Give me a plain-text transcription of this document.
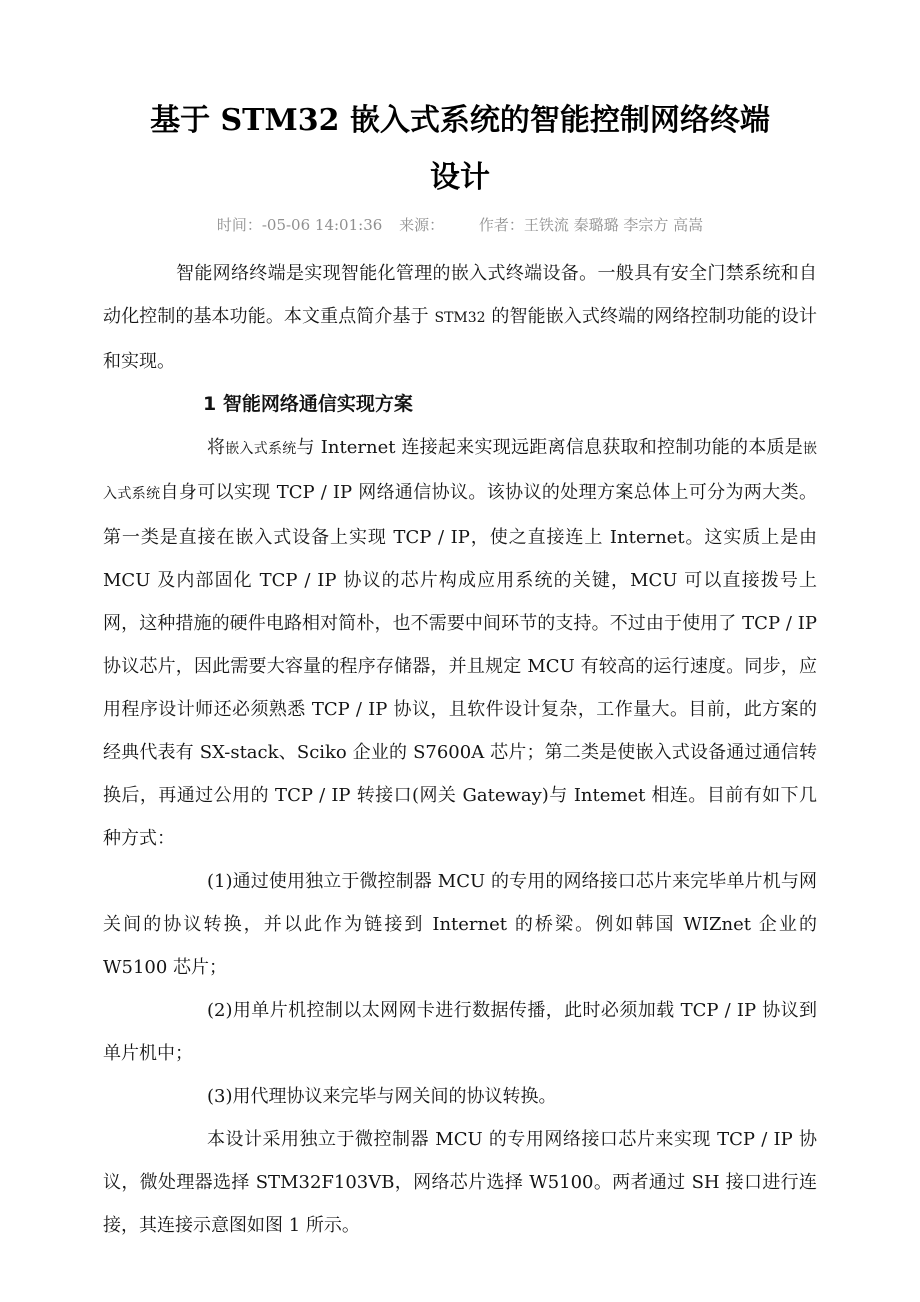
基于 STM32 嵌入式系统的智能控制网络终端设计
时间：-05-06 14:01:36 来源： 作者：王铁流 秦璐璐 李宗方 高嵩

智能网络终端是实现智能化管理的嵌入式终端设备。一般具有安全门禁系统和自动化控制的基本功能。本文重点简介基于 STM32 的智能嵌入式终端的网络控制功能的设计和实现。

1 智能网络通信实现方案

将嵌入式系统与 Internet 连接起来实现远距离信息获取和控制功能的本质是嵌入式系统自身可以实现 TCP / IP 网络通信协议。该协议的处理方案总体上可分为两大类。第一类是直接在嵌入式设备上实现 TCP / IP，使之直接连上 Internet。这实质上是由 MCU 及内部固化 TCP / IP 协议的芯片构成应用系统的关键，MCU 可以直接拨号上网，这种措施的硬件电路相对简朴，也不需要中间环节的支持。不过由于使用了 TCP / IP 协议芯片，因此需要大容量的程序存储器，并且规定 MCU 有较高的运行速度。同步，应用程序设计师还必须熟悉 TCP / IP 协议，且软件设计复杂，工作量大。目前，此方案的经典代表有 SX-stack、Sciko 企业的 S7600A 芯片；第二类是使嵌入式设备通过通信转换后，再通过公用的 TCP / IP 转接口(网关 Gateway)与 Intemet 相连。目前有如下几种方式：

(1)通过使用独立于微控制器 MCU 的专用的网络接口芯片来完毕单片机与网关间的协议转换，并以此作为链接到 Internet 的桥梁。例如韩国 WIZnet 企业的 W5100 芯片；

(2)用单片机控制以太网网卡进行数据传播，此时必须加载 TCP / IP 协议到单片机中；

(3)用代理协议来完毕与网关间的协议转换。

本设计采用独立于微控制器 MCU 的专用网络接口芯片来实现 TCP / IP 协议，微处理器选择 STM32F103VB，网络芯片选择 W5100。两者通过 SH 接口进行连接，其连接示意图如图 1 所示。
